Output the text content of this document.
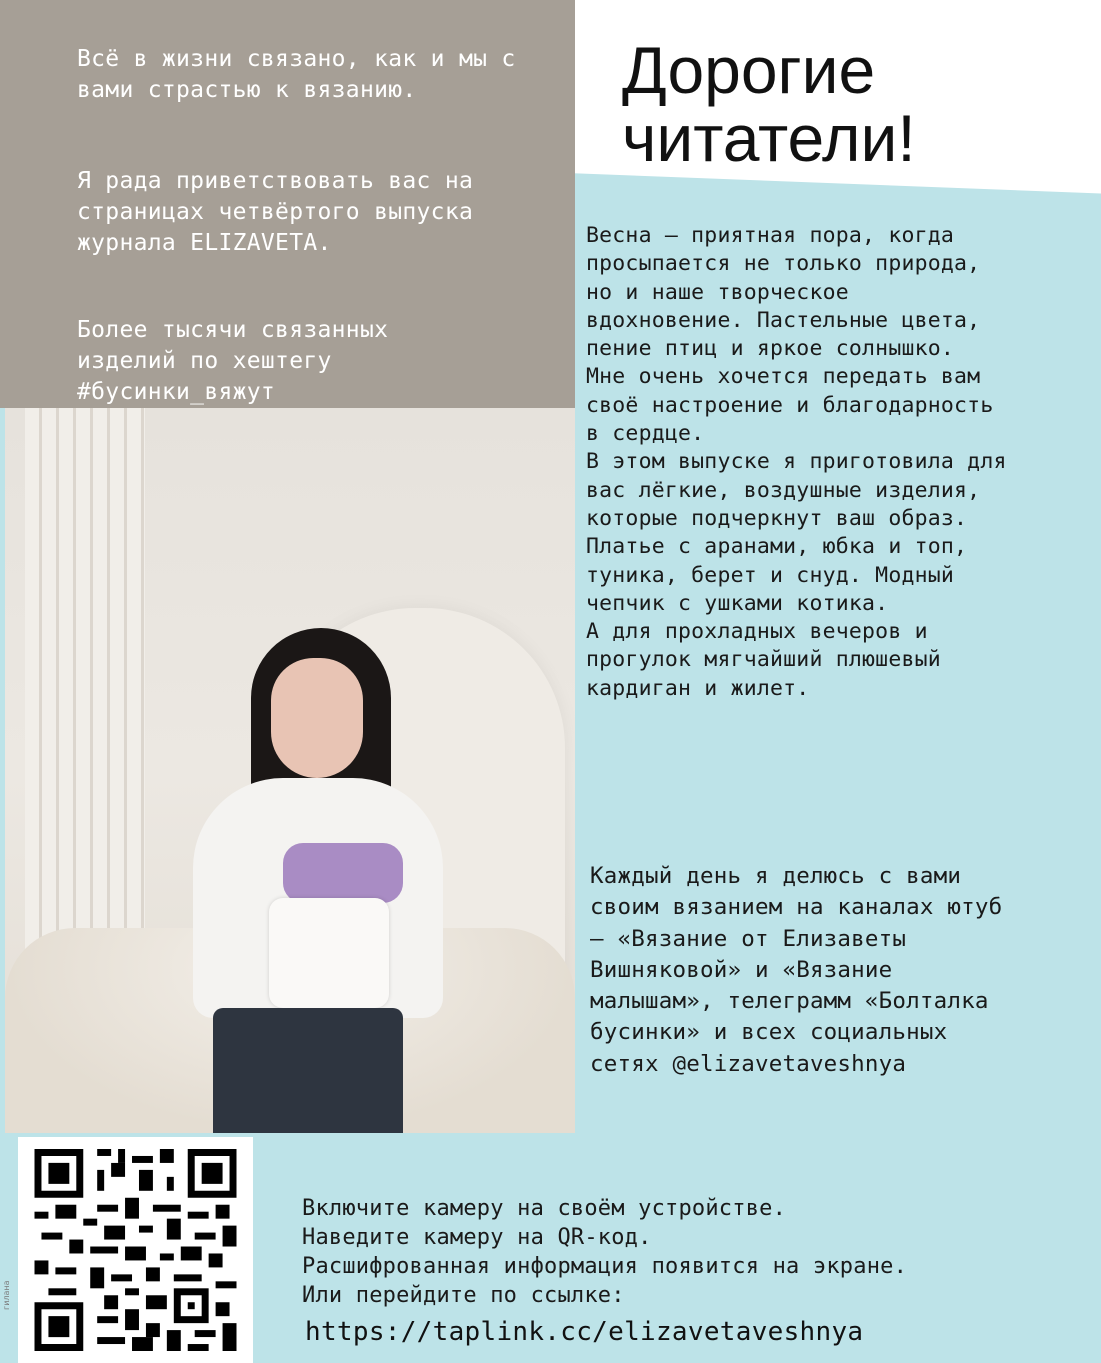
Всё в жизни связано, как и мы с вами страстью к вязанию.

Я рада приветствовать вас на страницах четвёртого выпуска журнала ELIZAVETA.

Более тысячи связанных изделий по хештегу #бусинки_вяжут

Дорогие
читатели!

Весна – приятная пора, когда просыпается не только природа, но и наше творческое вдохновение. Пастельные цвета, пение птиц и яркое солнышко.
Мне очень хочется передать вам своё настроение и благодарность в сердце.
В этом выпуске я приготовила для вас лёгкие, воздушные изделия, которые подчеркнут ваш образ.
Платье с аранами, юбка и топ, туника, берет и снуд. Модный чепчик с ушками котика.
А для прохладных вечеров и прогулок мягчайший плюшевый кардиган и жилет.

Каждый день я делюсь с вами своим вязанием на каналах ютуб – «Вязание от Елизаветы Вишняковой» и «Вязание малышам», телеграмм «Болталка бусинки» и всех социальных сетях @elizavetaveshnya

гилана

Включите камеру на своём устройстве.
Наведите камеру на QR-код.
Расшифрованная информация появится на экране.
Или перейдите по ссылке:

https://taplink.cc/elizavetaveshnya
